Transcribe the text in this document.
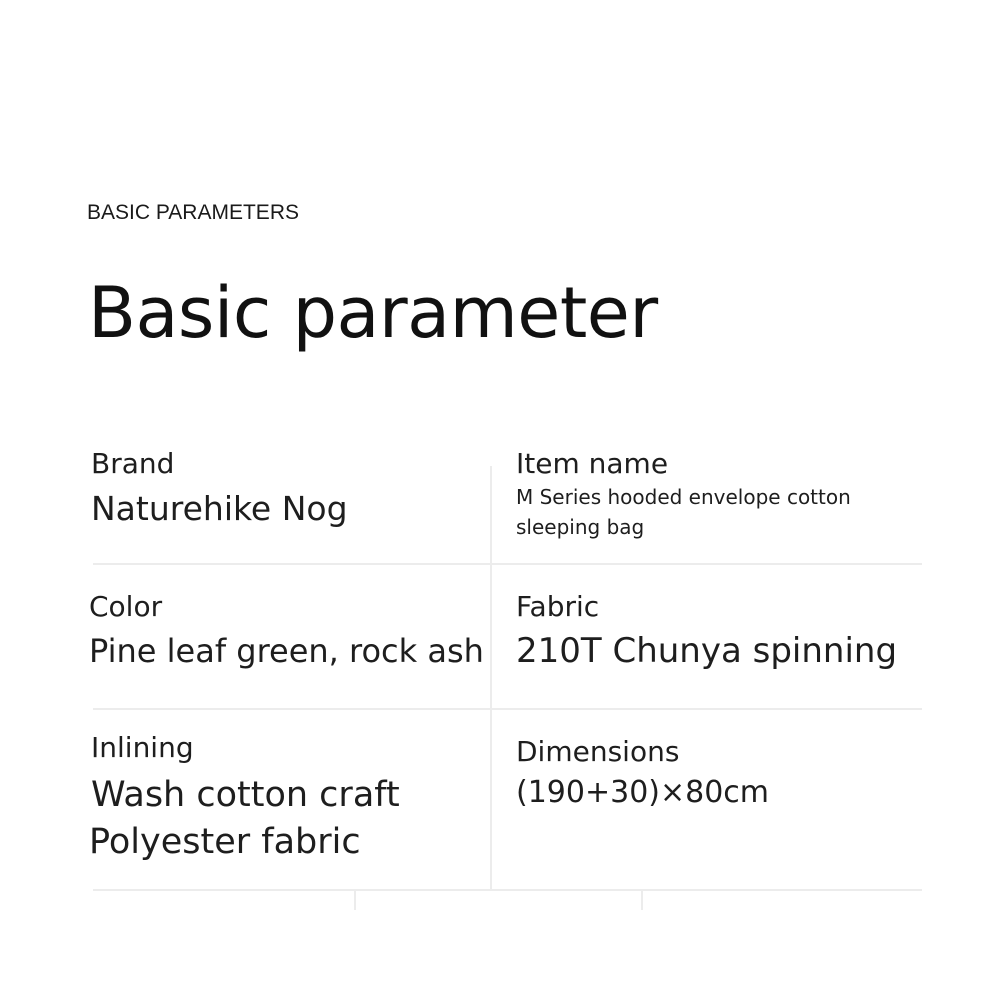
BASIC PARAMETERS
Basic parameter
Brand
Naturehike Nog
Item name
M Series hooded envelope cotton sleeping bag
Color
Pine leaf green, rock ash
Fabric
210T Chunya spinning
Inlining
Wash cotton craft
Polyester fabric
Dimensions
(190+30)×80cm
